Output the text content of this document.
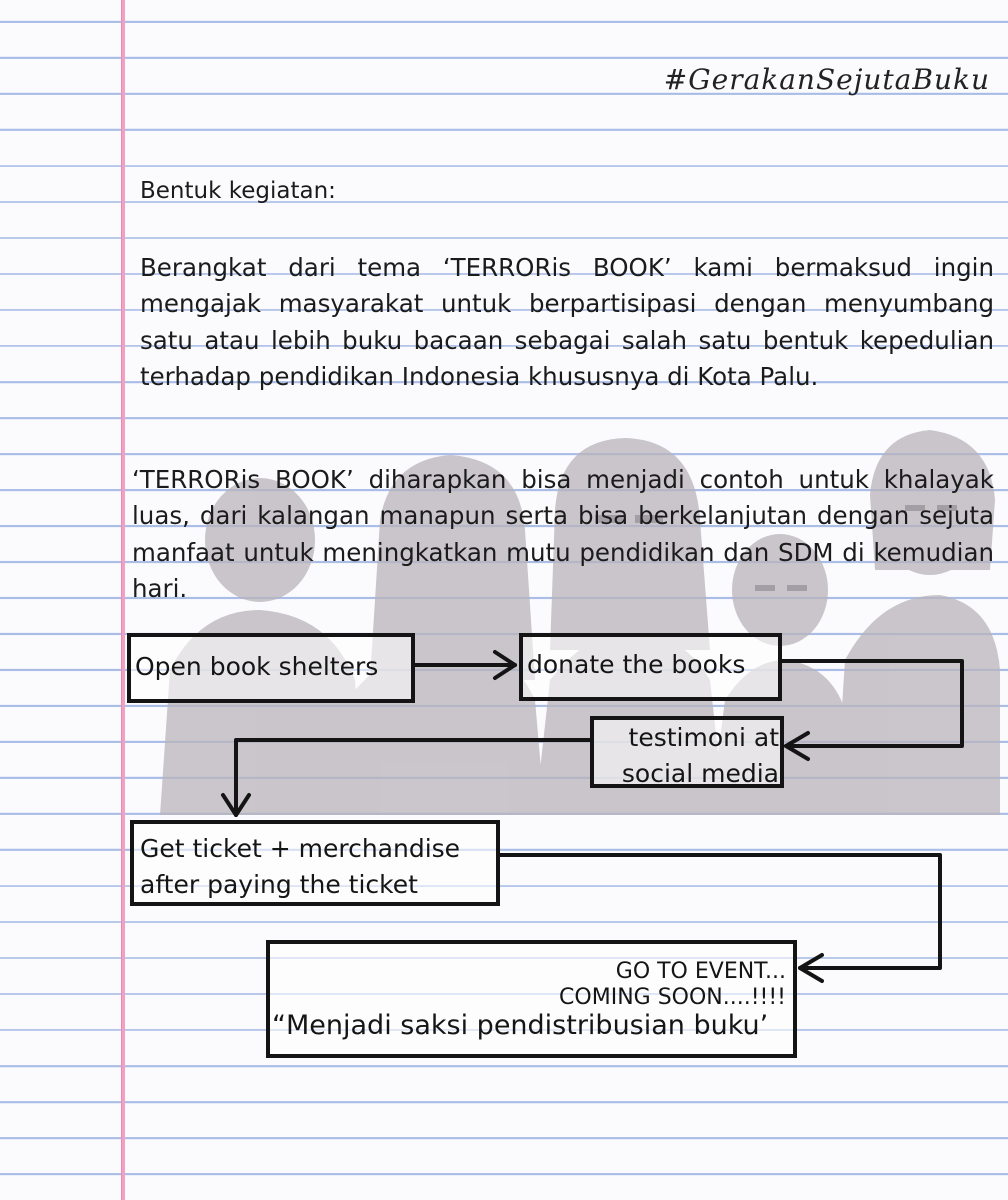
#GerakanSejutaBuku
Bentuk kegiatan:

Berangkat dari tema ‘TERRORis BOOK’ kami bermaksud ingin mengajak masyarakat untuk berpartisipasi dengan menyumbang satu atau lebih buku bacaan sebagai salah satu bentuk kepedulian terhadap pendidikan Indonesia khususnya di Kota Palu.

‘TERRORis BOOK’ diharapkan bisa menjadi contoh untuk khalayak luas, dari kalangan manapun serta bisa berkelanjutan dengan sejuta manfaat untuk meningkatkan mutu pendidikan dan SDM di kemudian hari.

Open book shelters	donate the books
testimoni at
social media
Get ticket + merchandise
after paying the ticket
GO TO EVENT...
COMING SOON....!!!!
“Menjadi saksi pendistribusian buku’
